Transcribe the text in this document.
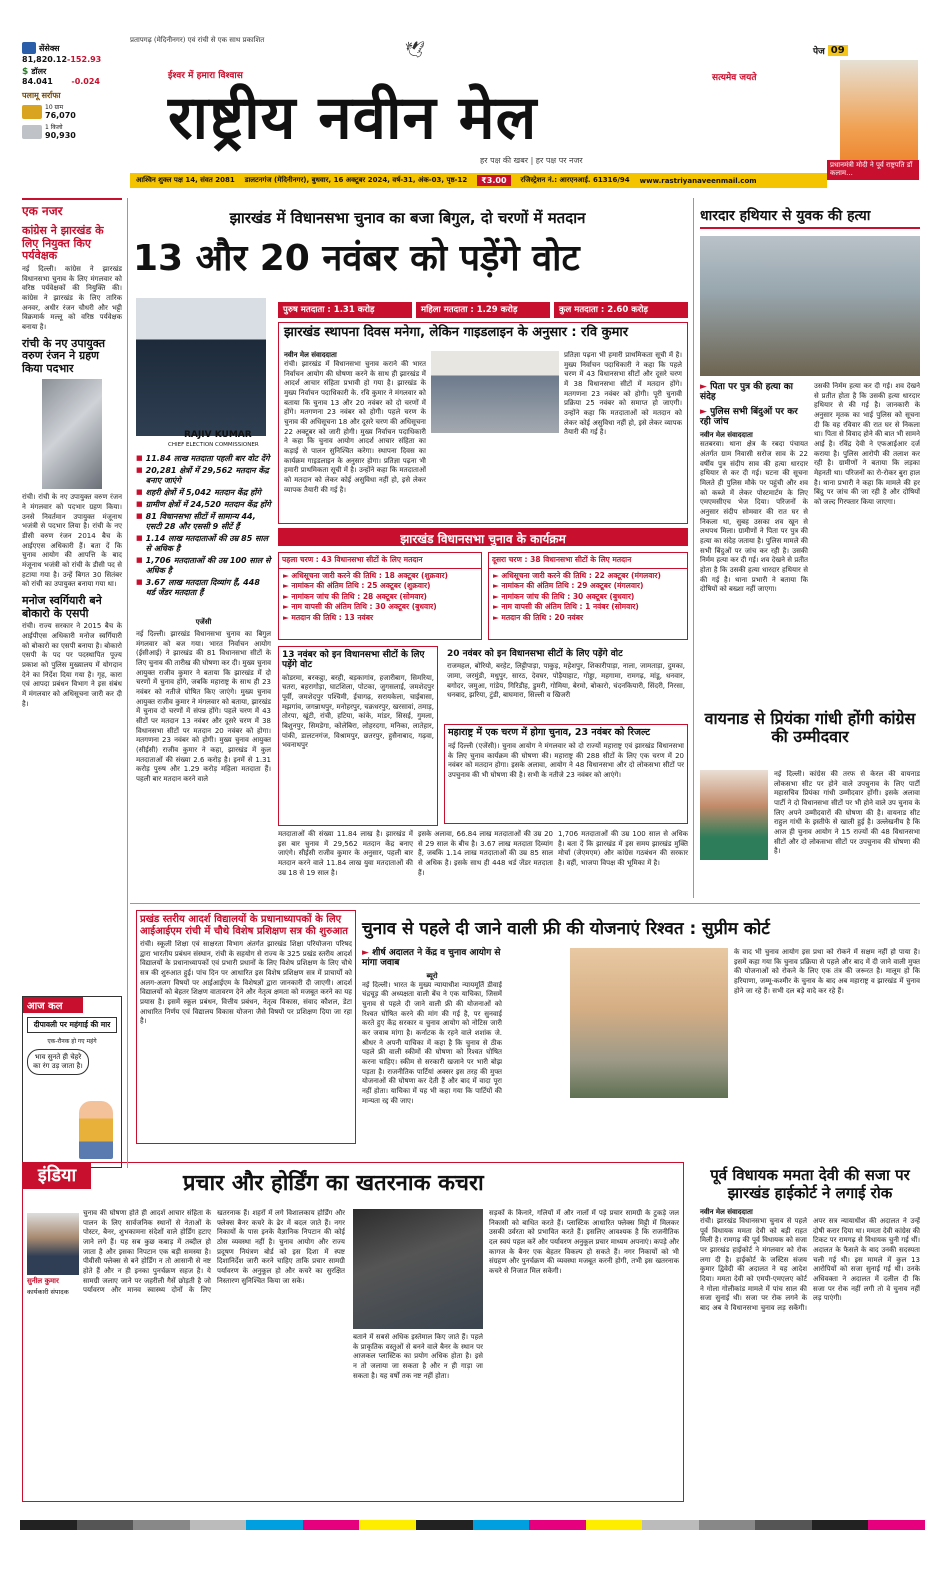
प्रतापगढ़ (मेदिनीनगर) एवं रांची से एक साथ प्रकाशित
सेंसेक्स
81,820.12 -152.93
$ डॉलर
84.041 -0.024
पलामू सर्राफा
10 ग्राम
76,070
1 किलो
90,930
ईश्वर में हमारा विश्वास
🕊
राष्ट्रीय नवीन मेल
सत्यमेव जयते
हर पक्ष की खबर | हर पक्ष पर नजर
पेज 09
प्रधानमंत्री मोदी ने पूर्व राष्ट्रपति डॉ कलाम...
आश्विन शुक्ल पक्ष 14, संवत 2081 डालटनगंज (मेदिनीनगर), बुधवार, 16 अक्टूबर 2024, वर्ष-31, अंक-03, पृष्ठ-12	₹3.00	रजिस्ट्रेशन नं.: आरएनआई. 61316/94 www.rastriyanaveenmail.com
एक नजर
कांग्रेस ने झारखंड के लिए नियुक्त किए पर्यवेक्षक
नई दिल्ली। कांग्रेस ने झारखंड विधानसभा चुनाव के लिए मंगलवार को वरिष्ठ पर्यवेक्षकों की नियुक्ति की। कांग्रेस ने झारखंड के लिए तारिक अनवर, अधीर रंजन चौधरी और भट्टी विक्रमार्क मल्लू को वरिष्ठ पर्यवेक्षक बनाया है।
रांची के नए उपायुक्त वरुण रंजन ने ग्रहण किया पदभार
रांची। रांची के नए उपायुक्त वरुण रंजन ने मंगलवार को पदभार ग्रहण किया। उनसे निवर्तमान उपायुक्त मंजूनाथ भजंत्री से पदभार लिया है। रांची के नए डीसी वरुण रंजन 2014 बैच के आईएएस अधिकारी हैं। बता दें कि चुनाव आयोग की आपत्ति के बाद मंजूनाथ भजंत्री को रांची के डीसी पद से हटाया गया है। उन्हें बिगत 30 सितंबर को रांची का उपायुक्त बनाया गया था।
मनोज स्वर्गियारी बने बोकारो के एसपी
रांची। राज्य सरकार ने 2015 बैच के आईपीएस अधिकारी मनोज स्वर्गियारी को बोकारो का एसपी बनाया है। बोकारो एसपी के पद पर पदस्थापित पूज्य प्रकाश को पुलिस मुख्यालय में योगदान देने का निर्देश दिया गया है। गृह, कारा एवं आपदा प्रबंधन विभाग ने इस संबंध में मंगलवार को अधिसूचना जारी कर दी है।
आज कल
दीपावली पर महंगाई की मार
एक-रौनक हो गए महंगे
भाव सुनते ही चेहरे का रंग उड़ जाता है।
झारखंड में विधानसभा चुनाव का बजा बिगुल, दो चरणों में मतदान
13 और 20 नवंबर को पड़ेंगे वोट
RAJIV KUMAR
CHIEF ELECTION COMMISSIONER
■ 11.84 लाख मतदाता पहली बार वोट देंगे
■ 20,281 क्षेत्रों में 29,562 मतदान केंद्र बनाए जाएंगे
■ शहरी क्षेत्रों में 5,042 मतदान केंद्र होंगे
■ ग्रामीण क्षेत्रों में 24,520 मतदान केंद्र होंगे
■ 81 विधानसभा सीटों में सामान्य 44, एसटी 28 और एससी 9 सीटें हैं
■ 1.14 लाख मतदाताओं की उम्र 85 साल से अधिक है
■ 1,706 मतदाताओं की उम्र 100 साल से अधिक है
■ 3.67 लाख मतदाता दिव्यांग हैं, 448 थर्ड जेंडर मतदाता हैं
एजेंसी
नई दिल्ली। झारखंड विधानसभा चुनाव का बिगुल मंगलवार को बज गया। भारत निर्वाचन आयोग (ईसीआई) ने झारखंड की 81 विधानसभा सीटों के लिए चुनाव की तारीख की घोषणा कर दी। मुख्य चुनाव आयुक्त राजीव कुमार ने बताया कि झारखंड में दो चरणों में चुनाव होंगे, जबकि महाराष्ट्र के साथ ही 23 नवंबर को नतीजे घोषित किए जाएंगे। मुख्य चुनाव आयुक्त राजीव कुमार ने मंगलवार को बताया, झारखंड में चुनाव दो चरणों में संपन्न होंगे। पहले चरण में 43 सीटों पर मतदान 13 नवंबर और दूसरे चरण में 38 विधानसभा सीटों पर मतदान 20 नवंबर को होगा। मतगणना 23 नवंबर को होगी। मुख्य चुनाव आयुक्त (सीईसी) राजीव कुमार ने कहा, झारखंड में कुल मतदाताओं की संख्या 2.6 करोड़ है। इनमें से 1.31 करोड़ पुरुष और 1.29 करोड़ महिला मतदाता हैं। पहली बार मतदान करने वाले
पुरुष मतदाता : 1.31 करोड़	महिला मतदाता : 1.29 करोड़	कुल मतदाता : 2.60 करोड़
झारखंड स्थापना दिवस मनेगा, लेकिन गाइडलाइन के अनुसार : रवि कुमार
नवीन मेल संवाददाता
रांची। झारखंड में विधानसभा चुनाव कराने की भारत निर्वाचन आयोग की घोषणा करने के साथ ही झारखंड में आदर्श आचार संहिता प्रभावी हो गया है। झारखंड के मुख्य निर्वाचन पदाधिकारी के. रवि कुमार ने मंगलवार को बताया कि चुनाव 13 और 20 नवंबर को दो चरणों में होंगे। मतगणना 23 नवंबर को होगी। पहले चरण के चुनाव की अधिसूचना 18 और दूसरे चरण की अधिसूचना 22 अक्टूबर को जारी होगी। मुख्य निर्वाचन पदाधिकारी ने कहा कि चुनाव आयोग आदर्श आचार संहिता का कड़ाई से पालन सुनिश्चित करेगा। स्थापना दिवस का कार्यक्रम गाइडलाइन के अनुसार होगा। प्रतिज्ञा पढ़ना भी हमारी प्राथमिकता सूची में है। उन्होंने कहा कि मतदाताओं को मतदान को लेकर कोई असुविधा नहीं हो, इसे लेकर व्यापक तैयारी की गई है।
प्रतिज्ञा पढ़ना भी हमारी प्राथमिकता सूची में है। मुख्य निर्वाचन पदाधिकारी ने कहा कि पहले चरण में 43 विधानसभा सीटों और दूसरे चरण में 38 विधानसभा सीटों में मतदान होंगे। मतगणना 23 नवंबर को होगी। पूरी चुनावी प्रक्रिया 25 नवंबर को समाप्त हो जाएगी। उन्होंने कहा कि मतदाताओं को मतदान को लेकर कोई असुविधा नहीं हो, इसे लेकर व्यापक तैयारी की गई है।
झारखंड विधानसभा चुनाव के कार्यक्रम
पहला चरण : 43 विधानसभा सीटों के लिए मतदान
► अधिसूचना जारी करने की तिथि : 18 अक्टूबर (शुक्रवार)
► नामांकन की अंतिम तिथि : 25 अक्टूबर (शुक्रवार)
► नामांकन जांच की तिथि : 28 अक्टूबर (सोमवार)
► नाम वापसी की अंतिम तिथि : 30 अक्टूबर (बुधवार)
► मतदान की तिथि : 13 नवंबर
दूसरा चरण : 38 विधानसभा सीटों के लिए मतदान
► अधिसूचना जारी करने की तिथि : 22 अक्टूबर (मंगलवार)
► नामांकन की अंतिम तिथि : 29 अक्टूबर (मंगलवार)
► नामांकन जांच की तिथि : 30 अक्टूबर (बुधवार)
► नाम वापसी की अंतिम तिथि : 1 नवंबर (सोमवार)
► मतदान की तिथि : 20 नवंबर
13 नवंबर को इन विधानसभा सीटों के लिए पड़ेंगे वोट
कोडरमा, बरकट्ठा, बरही, बड़कागांव, हजारीबाग, सिमरिया, चतरा, बहरागोड़ा, घाटशिला, पोटका, जुगसलाई, जमशेदपुर पूर्वी, जमशेदपुर पश्चिमी, ईचागढ़, सरायकेला, चाईबासा, मझगांव, जगन्नाथपुर, मनोहरपुर, चक्रधरपुर, खरसावां, तमाड़, तोरपा, खूंटी, रांची, हटिया, कांके, मांडर, सिसई, गुमला, बिशुनपुर, सिमडेगा, कोलेबिरा, लोहरदगा, मनिका, लातेहार, पांकी, डालटनगंज, विश्रामपुर, छतरपुर, हुसैनाबाद, गढ़वा, भवनाथपुर
20 नवंबर को इन विधानसभा सीटों के लिए पड़ेंगे वोट
राजमहल, बोरियो, बरहेट, लिट्टीपाड़ा, पाकुड़, महेशपुर, शिकारीपाड़ा, नाला, जामताड़ा, दुमका, जामा, जरमुंडी, मधुपुर, सारठ, देवघर, पोड़ैयाहाट, गोड्डा, महगामा, रामगढ़, मांडू, धनवार, बगोदर, जमुआ, गांडेय, गिरिडीह, डुमरी, गोमिया, बेरमो, बोकारो, चंदनकियारी, सिंदरी, निरसा, धनबाद, झरिया, टुंडी, बाघमारा, सिल्ली व खिजरी
महाराष्ट्र में एक चरण में होगा चुनाव, 23 नवंबर को रिजल्ट
नई दिल्ली (एजेंसी)। चुनाव आयोग ने मंगलवार को दो राज्यों महाराष्ट्र एवं झारखंड विधानसभा के लिए चुनाव कार्यक्रम की घोषणा की। महाराष्ट्र की 288 सीटों के लिए एक चरण में 20 नवंबर को मतदान होगा। इसके अलावा, आयोग ने 48 विधानसभा और दो लोकसभा सीटों पर उपचुनाव की भी घोषणा की है। सभी के नतीजे 23 नवंबर को आएंगे।
मतदाताओं की संख्या 11.84 लाख है। झारखंड में इस बार चुनाव में 29,562 मतदान केंद्र बनाए जाएंगे। सीईसी राजीव कुमार के अनुसार, पहली बार मतदान करने वाले 11.84 लाख युवा मतदाताओं की उम्र 18 से 19 साल है।
इसके अलावा, 66.84 लाख मतदाताओं की उम्र 20 से 29 साल के बीच है। 3.67 लाख मतदाता दिव्यांग हैं, जबकि 1.14 लाख मतदाताओं की उम्र 85 साल से अधिक है। इसके साथ ही 448 थर्ड जेंडर मतदाता हैं।
1,706 मतदाताओं की उम्र 100 साल से अधिक है। बता दें कि झारखंड में इस समय झारखंड मुक्ति मोर्चा (जेएमएम) और कांग्रेस गठबंधन की सरकार है। वहीं, भाजपा विपक्ष की भूमिका में है।
धारदार हथियार से युवक की हत्या
► पिता पर पुत्र की हत्या का संदेह
► पुलिस सभी बिंदुओं पर कर रही जांच
नवीन मेल संवाददाता
सतबरवा। थाना क्षेत्र के रबदा पंचायत अंतर्गत ग्राम निवासी सरोज साव के 22 वर्षीय पुत्र संदीप साव की हत्या धारदार हथियार से कर दी गई। घटना की सूचना मिलते ही पुलिस मौके पर पहुंची और शव को कब्जे में लेकर पोस्टमार्टम के लिए एमएमसीएच भेज दिया। परिजनों के अनुसार संदीप सोमवार की रात घर से निकला था, सुबह उसका शव खून से लथपथ मिला। ग्रामीणों ने पिता पर पुत्र की हत्या का संदेह जताया है। पुलिस मामले की सभी बिंदुओं पर जांच कर रही है। उसकी निर्मम हत्या कर दी गई। शव देखने से प्रतीत होता है कि उसकी हत्या धारदार हथियार से की गई है। थाना प्रभारी ने बताया कि दोषियों को बख्शा नहीं जाएगा।
उसकी निर्मम हत्या कर दी गई। शव देखने से प्रतीत होता है कि उसकी हत्या धारदार हथियार से की गई है। जानकारी के अनुसार मृतक का भाई पुलिस को सूचना दी कि वह रविवार की रात घर से निकला था। पिता से विवाद होने की बात भी सामने आई है। रविंद्र देवी ने एफआईआर दर्ज कराया है। पुलिस आरोपी की तलाश कर रही है। ग्रामीणों ने बताया कि लड़का मेहनती था। परिजनों का रो-रोकर बुरा हाल है। थाना प्रभारी ने कहा कि मामले की हर बिंदु पर जांच की जा रही है और दोषियों को जल्द गिरफ्तार किया जाएगा।
वायनाड से प्रियंका गांधी होंगी कांग्रेस की उम्मीदवार
नई दिल्ली। कांग्रेस की तरफ से केरल की वायनाड लोकसभा सीट पर होने वाले उपचुनाव के लिए पार्टी महासचिव प्रियंका गांधी उम्मीदवार होंगी। इसके अलावा पार्टी ने दो विधानसभा सीटों पर भी होने वाले उप चुनाव के लिए अपने उम्मीदवारों की घोषणा की है। वायनाड सीट राहुल गांधी के इस्तीफे से खाली हुई है। उल्लेखनीय है कि आज ही चुनाव आयोग ने 15 राज्यों की 48 विधानसभा सीटों और दो लोकसभा सीटों पर उपचुनाव की घोषणा की है।
प्रखंड स्तरीय आदर्श विद्यालयों के प्रधानाध्यापकों के लिए आईआईएम रांची में चौथे विशेष प्रशिक्षण सत्र की शुरुआत
रांची। स्कूली शिक्षा एवं साक्षरता विभाग अंतर्गत झारखंड शिक्षा परियोजना परिषद द्वारा भारतीय प्रबंधन संस्थान, रांची के सहयोग से राज्य के 325 प्रखंड स्तरीय आदर्श विद्यालयों के प्रधानाध्यापकों एवं प्रभारी प्रधानों के लिए विशेष प्रशिक्षण के लिए चौथे सत्र की शुरुआत हुई। पांच दिन पर आधारित इस विशेष प्रशिक्षण सत्र में प्राचार्यों को अलग-अलग विषयों पर आईआईएम के विशेषज्ञों द्वारा जानकारी दी जाएगी। आदर्श विद्यालयों को बेहतर शिक्षण वातावरण देने और नेतृत्व क्षमता को मजबूत करने का यह प्रयास है। इसमें स्कूल प्रबंधन, वित्तीय प्रबंधन, नेतृत्व विकास, संवाद कौशल, डेटा आधारित निर्णय एवं विद्यालय विकास योजना जैसे विषयों पर प्रशिक्षण दिया जा रहा है।
चुनाव से पहले दी जाने वाली फ्री की योजनाएं रिश्वत : सुप्रीम कोर्ट
► शीर्ष अदालत ने केंद्र व चुनाव आयोग से मांगा जवाब
ब्यूरो
नई दिल्ली। भारत के मुख्य न्यायाधीश न्यायमूर्ति डीवाई चंद्रचूड़ की अध्यक्षता वाली बेंच ने एक याचिका, जिसमें चुनाव से पहले दी जाने वाली फ्री की योजनाओं को रिश्वत घोषित करने की मांग की गई है, पर सुनवाई करते हुए केंद्र सरकार व चुनाव आयोग को नोटिस जारी कर जवाब मांगा है। कर्नाटक के रहने वाले शशांक जे. श्रीधर ने अपनी याचिका में कहा है कि चुनाव से ठीक पहले फ्री वाली स्कीमों की घोषणा को रिश्वत घोषित करना चाहिए। स्कीम से सरकारी खजाने पर भारी बोझ पड़ता है। राजनीतिक पार्टियां अक्सर इस तरह की मुफ्त योजनाओं की घोषणा कर देती हैं और बाद में वादा पूरा नहीं होता। याचिका में यह भी कहा गया कि पार्टियों की मान्यता रद्द की जाए।
के वाद भी चुनाव आयोग इस प्रथा को रोकने में सक्षम नहीं हो पाया है। इसमें कहा गया कि चुनाव प्रक्रिया से पहले और बाद में दी जाने वाली मुफ्त की योजनाओं को रोकने के लिए एक तंत्र की जरूरत है। मालूम हो कि हरियाणा, जम्मू-कश्मीर के चुनाव के बाद अब महाराष्ट्र व झारखंड में चुनाव होने जा रहे हैं। सभी दल बड़े वादे कर रहे हैं।
इंडिया	प्रचार और होर्डिंग का खतरनाक कचरा
सुनील कुमार
कार्यकारी संपादक
चुनाव की घोषणा होते ही आदर्श आचार संहिता के पालन के लिए सार्वजनिक स्थानों से नेताओं के पोस्टर, बैनर, शुभकामना संदेशों वाले होर्डिंग हटाए जाने लगे हैं। यह सब कुछ कबाड़ में तब्दील हो जाता है और इसका निपटान एक बड़ी समस्या है। पीवीसी फ्लेक्स से बने होर्डिंग न तो आसानी से नष्ट होते हैं और न ही इनका पुनर्चक्रण सहज है। ये सामग्री जलाए जाने पर जहरीली गैसें छोड़ती है जो पर्यावरण और मानव स्वास्थ्य दोनों के लिए खतरनाक हैं। शहरों में लगे विशालकाय होर्डिंग और फ्लेक्स बैनर कचरे के ढेर में बदल जाते हैं। नगर निकायों के पास इनके वैज्ञानिक निपटान की कोई ठोस व्यवस्था नहीं है। चुनाव आयोग और राज्य प्रदूषण नियंत्रण बोर्ड को इस दिशा में स्पष्ट दिशानिर्देश जारी करने चाहिए ताकि प्रचार सामग्री पर्यावरण के अनुकूल हो और कचरे का सुरक्षित निस्तारण सुनिश्चित किया जा सके।
सड़कों के किनारे, गलियों में और नालों में पड़े प्रचार सामग्री के टुकड़े जल निकासी को बाधित करते हैं। प्लास्टिक आधारित फ्लेक्स मिट्टी में मिलकर उसकी उर्वरता को प्रभावित करते हैं। इसलिए आवश्यक है कि राजनीतिक दल स्वयं पहल करें और पर्यावरण अनुकूल प्रचार माध्यम अपनाएं। कपड़े और कागज के बैनर एक बेहतर विकल्प हो सकते हैं। नगर निकायों को भी संग्रहण और पुनर्चक्रण की व्यवस्था मजबूत करनी होगी, तभी इस खतरनाक कचरे से निजात मिल सकेगी।
बताने में सबसे अधिक इस्तेमाल किए जाते हैं। पहले के प्राकृतिक वस्तुओं से बनने वाले बैनर के स्थान पर आजकल प्लास्टिक का प्रयोग अधिक होता है। इसे न तो जलाया जा सकता है और न ही गाड़ा जा सकता है। यह वर्षों तक नष्ट नहीं होता।
पूर्व विधायक ममता देवी की सजा पर झारखंड हाईकोर्ट ने लगाई रोक
नवीन मेल संवाददाता
रांची। झारखंड विधानसभा चुनाव से पहले पूर्व विधायक ममता देवी को बड़ी राहत मिली है। रामगढ़ की पूर्व विधायक को सजा पर झारखंड हाईकोर्ट ने मंगलवार को रोक लगा दी है। हाईकोर्ट के जस्टिस संजय कुमार द्विवेदी की अदालत ने यह आदेश दिया। ममता देवी को एमपी-एमएलए कोर्ट ने गोला गोलीकांड मामले में पांच साल की सजा सुनाई थी। सजा पर रोक लगने के बाद अब वे विधानसभा चुनाव लड़ सकेंगी। अपर सत्र न्यायाधीश की अदालत ने उन्हें दोषी करार दिया था। ममता देवी कांग्रेस की टिकट पर रामगढ़ से विधायक चुनी गई थीं। अदालत के फैसले के बाद उनकी सदस्यता चली गई थी। इस मामले में कुल 13 आरोपियों को सजा सुनाई गई थी। उनके अधिवक्ता ने अदालत में दलील दी कि सजा पर रोक नहीं लगी तो वे चुनाव नहीं लड़ पाएंगी।
